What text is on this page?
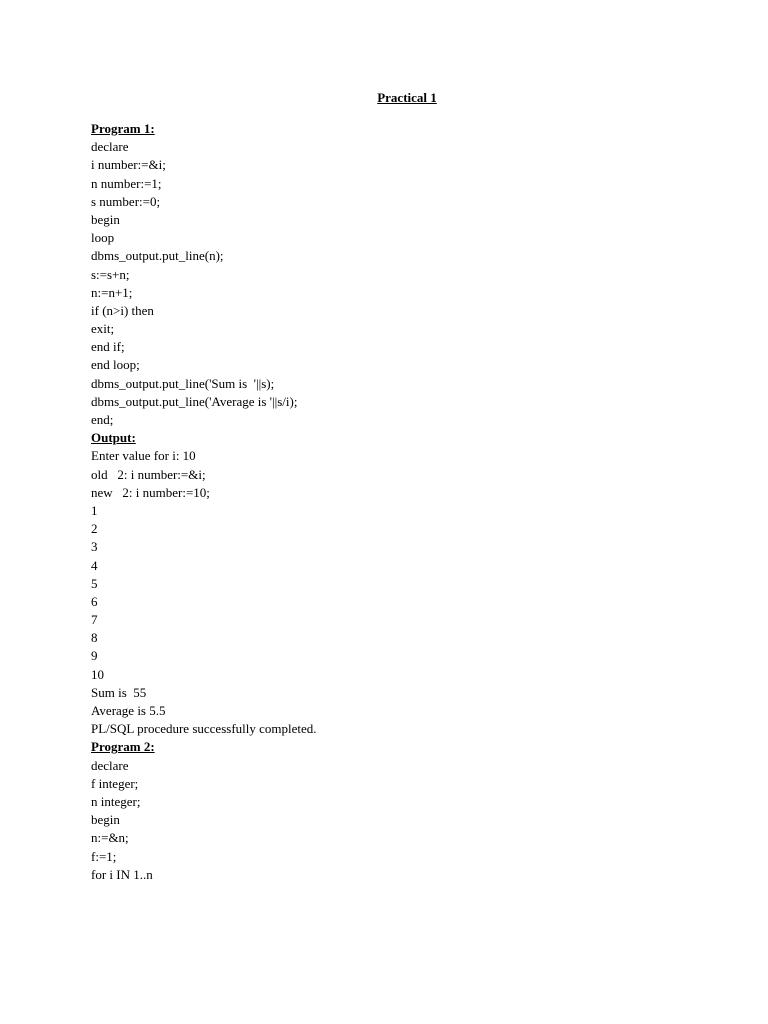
Practical 1
Program 1:
declare
i number:=&i;
n number:=1;
s number:=0;
begin
loop
dbms_output.put_line(n);
s:=s+n;
n:=n+1;
if (n>i) then
exit;
end if;
end loop;
dbms_output.put_line('Sum is  '||s);
dbms_output.put_line('Average is '||s/i);
end;
Output:
Enter value for i: 10
old   2: i number:=&i;
new   2: i number:=10;
1
2
3
4
5
6
7
8
9
10
Sum is  55
Average is 5.5
PL/SQL procedure successfully completed.
Program 2:
declare
f integer;
n integer;
begin
n:=&n;
f:=1;
for i IN 1..n
